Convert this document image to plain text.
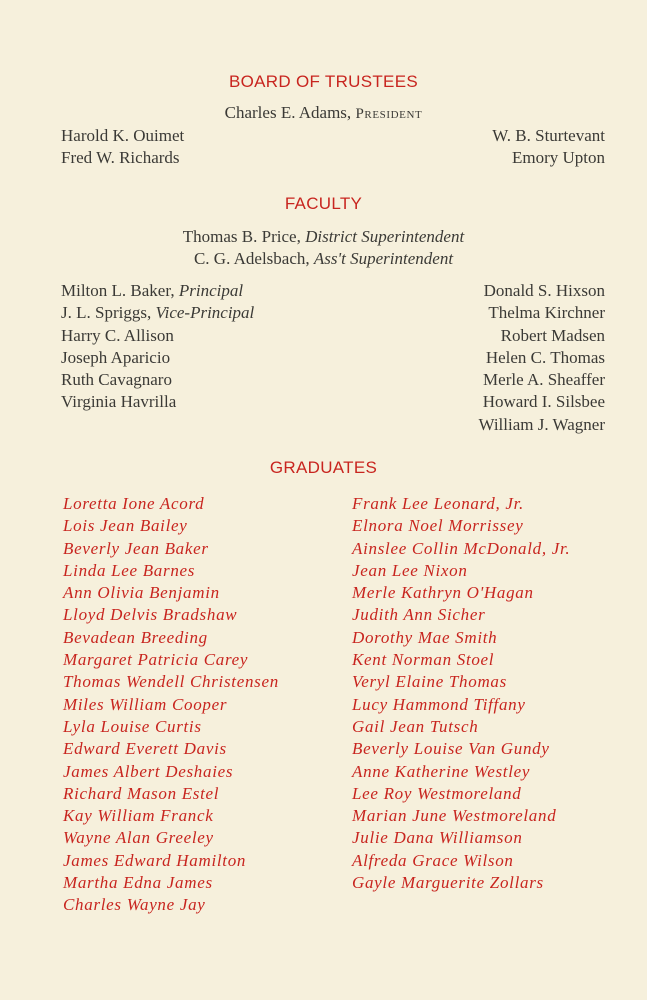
BOARD OF TRUSTEES
Charles E. Adams, President
Harold K. Ouimet
Fred W. Richards
W. B. Sturtevant
Emory Upton
FACULTY
Thomas B. Price, District Superintendent
C. G. Adelsbach, Ass't Superintendent
Milton L. Baker, Principal
J. L. Spriggs, Vice-Principal
Harry C. Allison
Joseph Aparicio
Ruth Cavagnaro
Virginia Havrilla
Donald S. Hixson
Thelma Kirchner
Robert Madsen
Helen C. Thomas
Merle A. Sheaffer
Howard I. Silsbee
William J. Wagner
GRADUATES
Loretta Ione Acord
Lois Jean Bailey
Beverly Jean Baker
Linda Lee Barnes
Ann Olivia Benjamin
Lloyd Delvis Bradshaw
Bevadean Breeding
Margaret Patricia Carey
Thomas Wendell Christensen
Miles William Cooper
Lyla Louise Curtis
Edward Everett Davis
James Albert Deshaies
Richard Mason Estel
Kay William Franck
Wayne Alan Greeley
James Edward Hamilton
Martha Edna James
Charles Wayne Jay
Frank Lee Leonard, Jr.
Elnora Noel Morrissey
Ainslee Collin McDonald, Jr.
Jean Lee Nixon
Merle Kathryn O'Hagan
Judith Ann Sicher
Dorothy Mae Smith
Kent Norman Stoel
Veryl Elaine Thomas
Lucy Hammond Tiffany
Gail Jean Tutsch
Beverly Louise Van Gundy
Anne Katherine Westley
Lee Roy Westmoreland
Marian June Westmoreland
Julie Dana Williamson
Alfreda Grace Wilson
Gayle Marguerite Zollars
